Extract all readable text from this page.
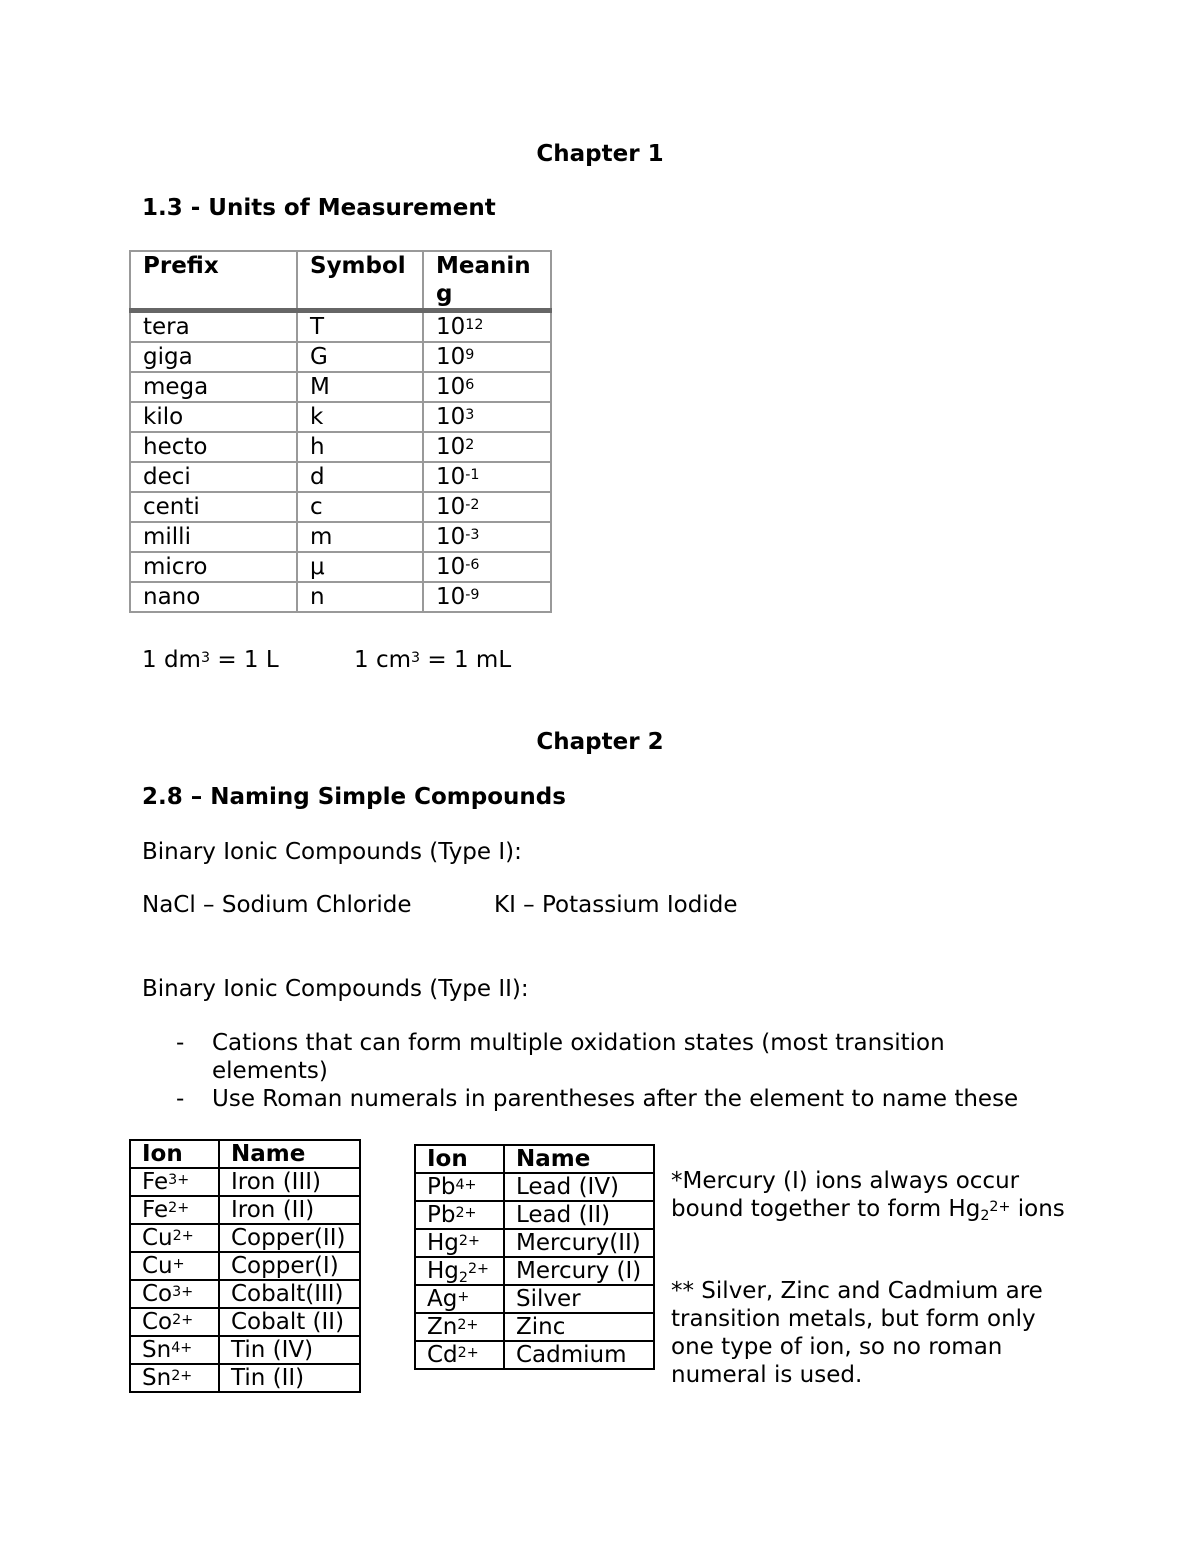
Chapter 1
1.3 - Units of Measurement
Prefix	Symbol	Meaning
tera	T	$10^{12}$
giga	G	$10^9$
mega	M	$10^6$
kilo	k	$10^3$
hecto	h	$10^2$
deci	d	$10^{-1}$
centi	c	$10^{-2}$
milli	m	$10^{-3}$
micro	μ	$10^{-6}$
nano	n	$10^{-9}$
1 $dm^3 = 1$ L	1 $cm^3 = 1$ mL
Chapter 2
2.8 – Naming Simple Compounds
Binary Ionic Compounds (Type I):
NaCl – Sodium Chloride	KI – Potassium Iodide
Binary Ionic Compounds (Type II):
- Cations that can form multiple oxidation states (most transition elements)
- Use Roman numerals in parentheses after the element to name these
Ion	Name
$Fe^{3+}$	Iron (III)
$Fe^{2+}$	Iron (II)
$Cu^{2+}$	Copper(II)
Cu+	Copper(I)
$Co^{3+}$	Cobalt(III)
$Co^{2+}$	Cobalt (II)
$Sn^{4+}$	Tin (IV)
$Sn^{2+}$	Tin (II)
Ion	Name
$Pb^{4+}$	Lead (IV)
$Pb^{2+}$	Lead (II)
$Hg^{2+}$	Mercury(II)
$Hg_2^{2+}$	Mercury (I)
Ag+	Silver
$Zn^{2+}$	Zinc
$Cd^{2+}$	Cadmium
*Mercury (I) ions always occur bound together to form $Hg_2^{2+}$ ions
** Silver, Zinc and Cadmium are transition metals, but form only one type of ion, so no roman numeral is used.
